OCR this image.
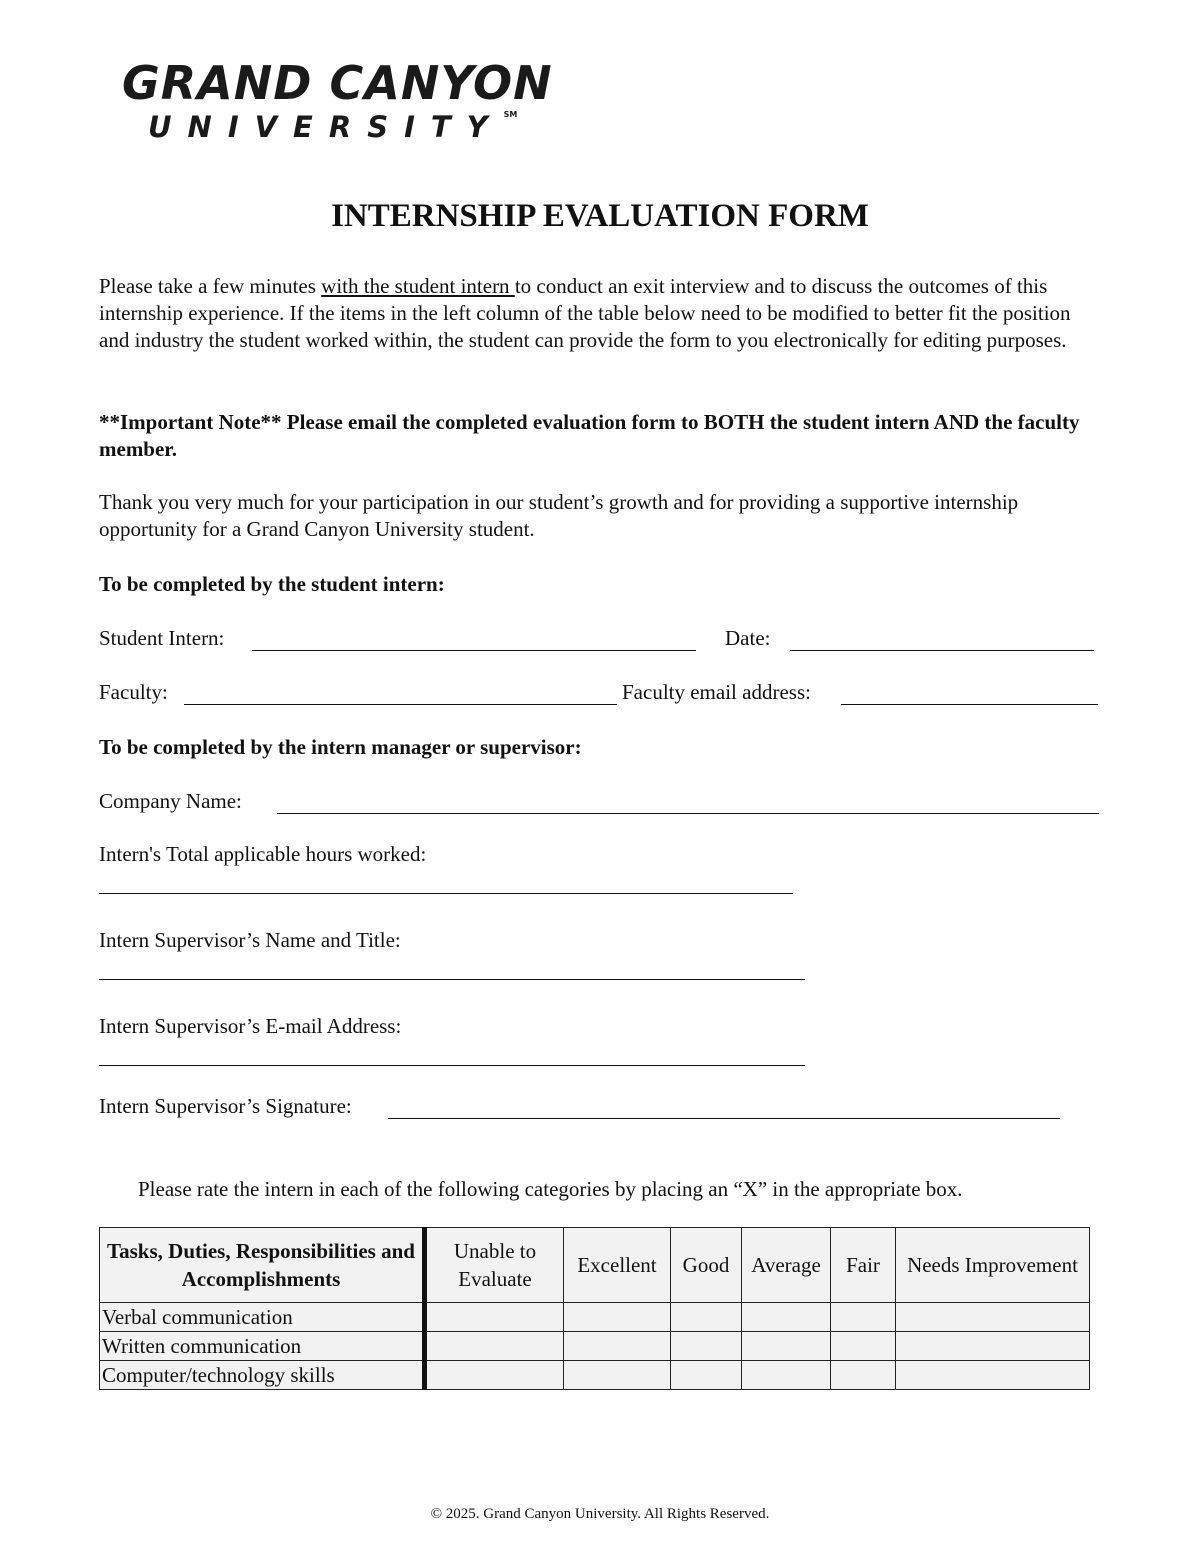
GRAND CANYON
UNIVERSITY℠
INTERNSHIP EVALUATION FORM
Please take a few minutes with the student intern to conduct an exit interview and to discuss the outcomes of this internship experience. If the items in the left column of the table below need to be modified to better fit the position and industry the student worked within, the student can provide the form to you electronically for editing purposes.
**Important Note** Please email the completed evaluation form to BOTH the student intern AND the faculty member.
Thank you very much for your participation in our student’s growth and for providing a supportive internship opportunity for a Grand Canyon University student.
To be completed by the student intern:
Student Intern:	Date:
Faculty:	Faculty email address:
To be completed by the intern manager or supervisor:
Company Name:
Intern's Total applicable hours worked:
Intern Supervisor’s Name and Title:
Intern Supervisor’s E-mail Address:
Intern Supervisor’s Signature:
Please rate the intern in each of the following categories by placing an “X” in the appropriate box.
Tasks, Duties, Responsibilities and Accomplishments	Unable to Evaluate	Excellent	Good	Average	Fair	Needs Improvement
Verbal communication						
Written communication						
Computer/technology skills						
© 2025. Grand Canyon University. All Rights Reserved.
